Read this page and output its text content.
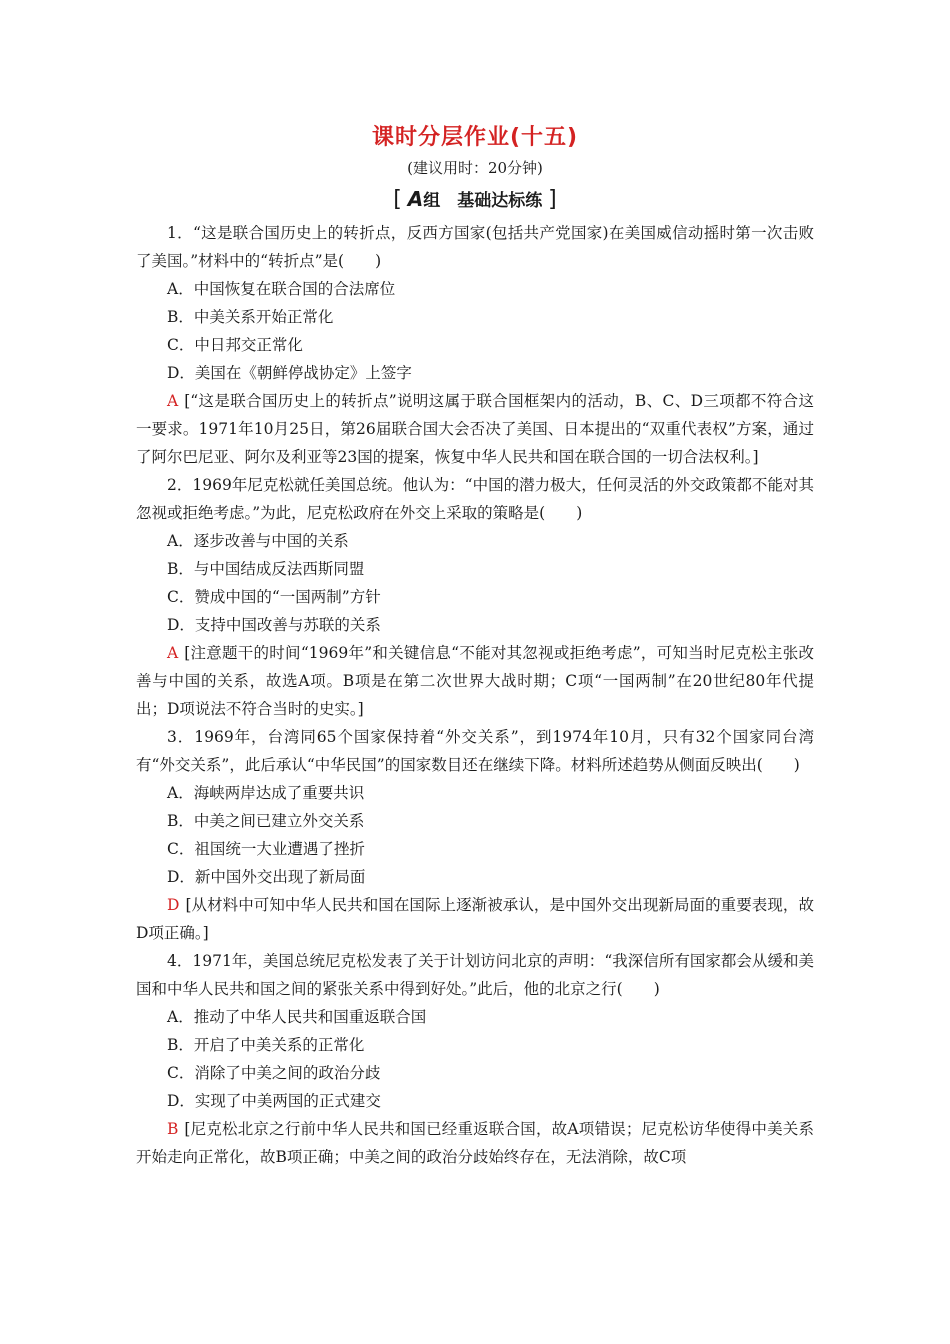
课时分层作业(十五)
(建议用时：20分钟)
[ A组　基础达标练 ]

1．“这是联合国历史上的转折点，反西方国家(包括共产党国家)在美国威信动摇时第一次击败了美国。”材料中的“转折点”是(　　)

A．中国恢复在联合国的合法席位

B．中美关系开始正常化

C．中日邦交正常化

D．美国在《朝鲜停战协定》上签字

A [“这是联合国历史上的转折点”说明这属于联合国框架内的活动，B、C、D三项都不符合这一要求。1971年10月25日，第26届联合国大会否决了美国、日本提出的“双重代表权”方案，通过了阿尔巴尼亚、阿尔及利亚等23国的提案，恢复中华人民共和国在联合国的一切合法权利。]

2．1969年尼克松就任美国总统。他认为：“中国的潜力极大，任何灵活的外交政策都不能对其忽视或拒绝考虑。”为此，尼克松政府在外交上采取的策略是(　　)

A．逐步改善与中国的关系

B．与中国结成反法西斯同盟

C．赞成中国的“一国两制”方针

D．支持中国改善与苏联的关系

A [注意题干的时间“1969年”和关键信息“不能对其忽视或拒绝考虑”，可知当时尼克松主张改善与中国的关系，故选A项。B项是在第二次世界大战时期；C项“一国两制”在20世纪80年代提出；D项说法不符合当时的史实。]

3．1969年，台湾同65个国家保持着“外交关系”，到1974年10月，只有32个国家同台湾有“外交关系”，此后承认“中华民国”的国家数目还在继续下降。材料所述趋势从侧面反映出(　　)

A．海峡两岸达成了重要共识

B．中美之间已建立外交关系

C．祖国统一大业遭遇了挫折

D．新中国外交出现了新局面

D [从材料中可知中华人民共和国在国际上逐渐被承认，是中国外交出现新局面的重要表现，故D项正确。]

4．1971年，美国总统尼克松发表了关于计划访问北京的声明：“我深信所有国家都会从缓和美国和中华人民共和国之间的紧张关系中得到好处。”此后，他的北京之行(　　)

A．推动了中华人民共和国重返联合国

B．开启了中美关系的正常化

C．消除了中美之间的政治分歧

D．实现了中美两国的正式建交

B [尼克松北京之行前中华人民共和国已经重返联合国，故A项错误；尼克松访华使得中美关系开始走向正常化，故B项正确；中美之间的政治分歧始终存在，无法消除，故C项
